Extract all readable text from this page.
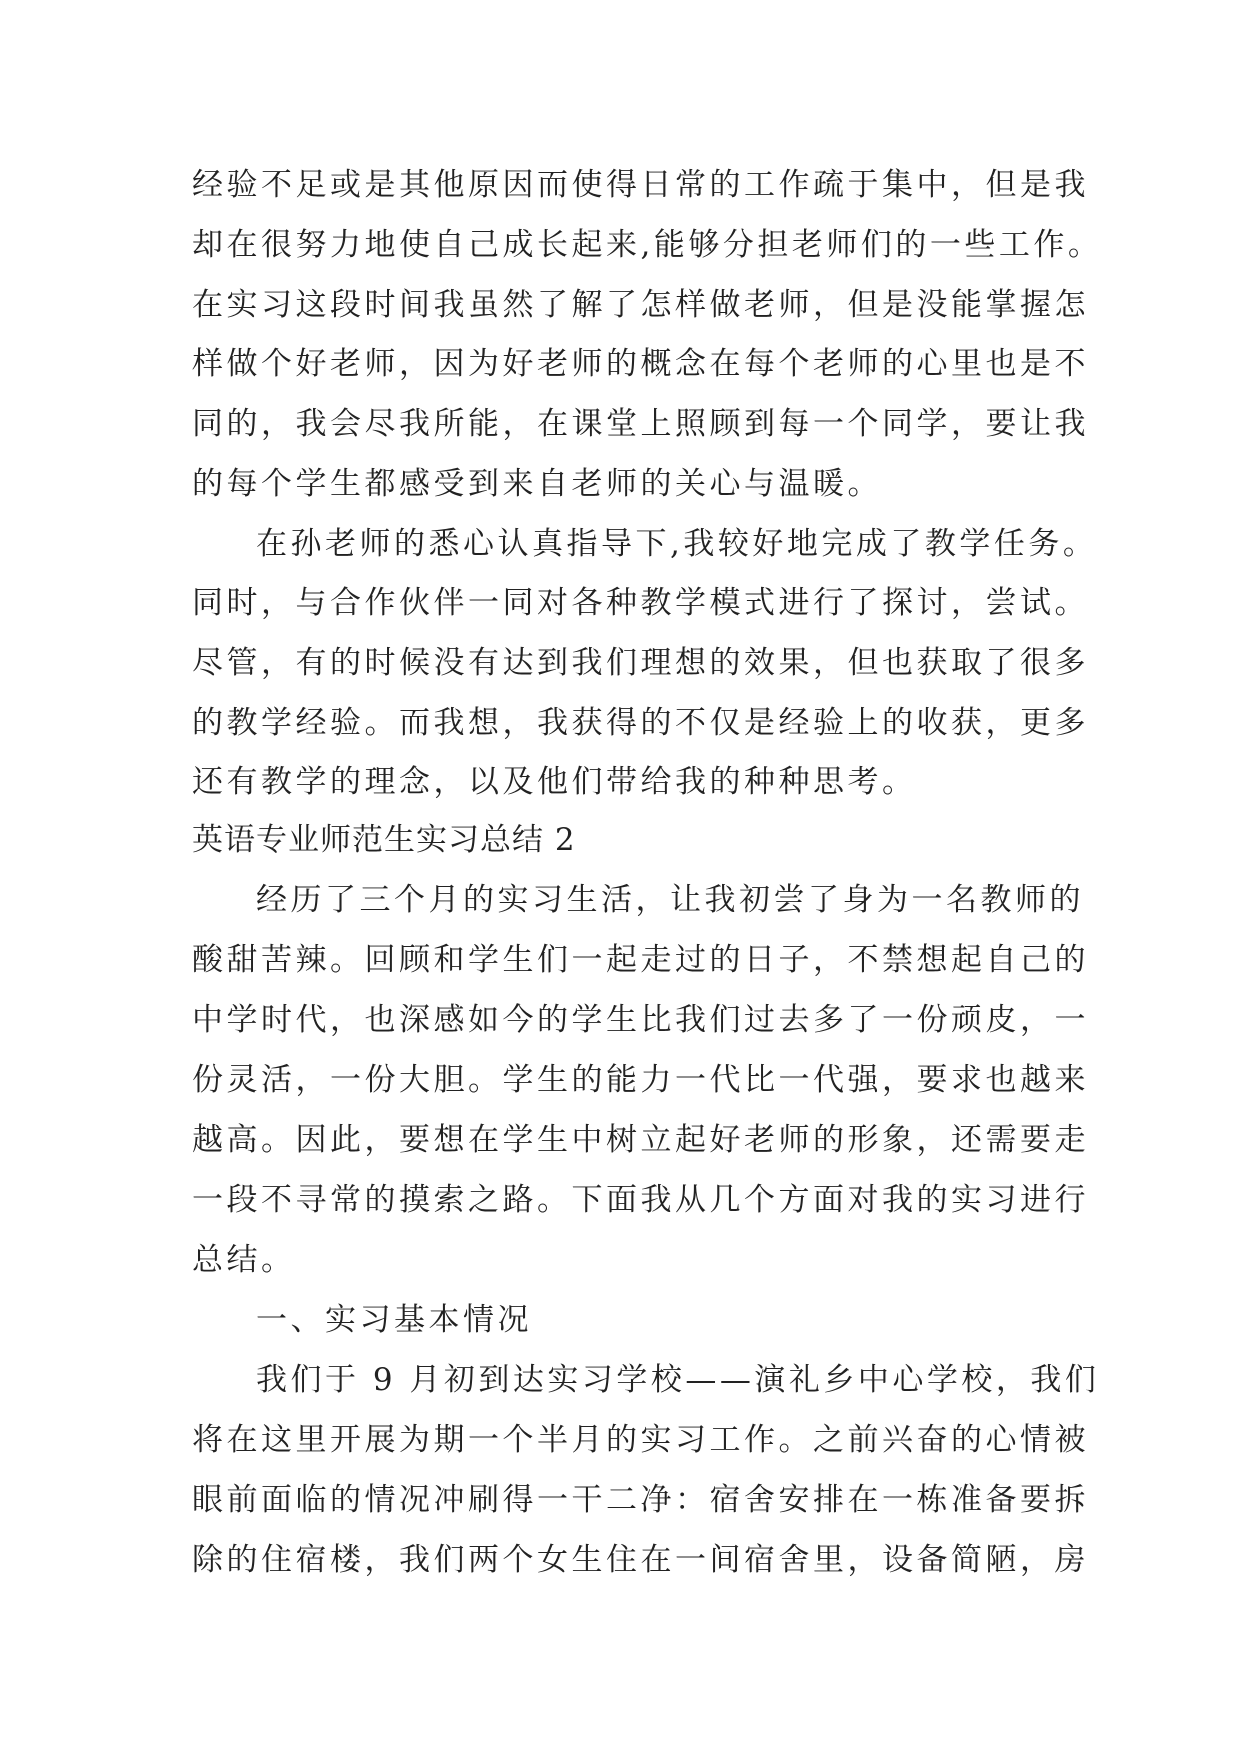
经验不足或是其他原因而使得日常的工作疏于集中，但是我
却在很努力地使自己成长起来,能够分担老师们的一些工作。
在实习这段时间我虽然了解了怎样做老师，但是没能掌握怎
样做个好老师，因为好老师的概念在每个老师的心里也是不
同的，我会尽我所能，在课堂上照顾到每一个同学，要让我
的每个学生都感受到来自老师的关心与温暖。
在孙老师的悉心认真指导下,我较好地完成了教学任务。
同时，与合作伙伴一同对各种教学模式进行了探讨，尝试。
尽管，有的时候没有达到我们理想的效果，但也获取了很多
的教学经验。而我想，我获得的不仅是经验上的收获，更多
还有教学的理念，以及他们带给我的种种思考。
英语专业师范生实习总结 2
经历了三个月的实习生活，让我初尝了身为一名教师的
酸甜苦辣。回顾和学生们一起走过的日子，不禁想起自己的
中学时代，也深感如今的学生比我们过去多了一份顽皮，一
份灵活，一份大胆。学生的能力一代比一代强，要求也越来
越高。因此，要想在学生中树立起好老师的形象，还需要走
一段不寻常的摸索之路。下面我从几个方面对我的实习进行
总结。
一、实习基本情况
我们于 9 月初到达实习学校——演礼乡中心学校，我们
将在这里开展为期一个半月的实习工作。之前兴奋的心情被
眼前面临的情况冲刷得一干二净：宿舍安排在一栋准备要拆
除的住宿楼，我们两个女生住在一间宿舍里，设备简陋，房
